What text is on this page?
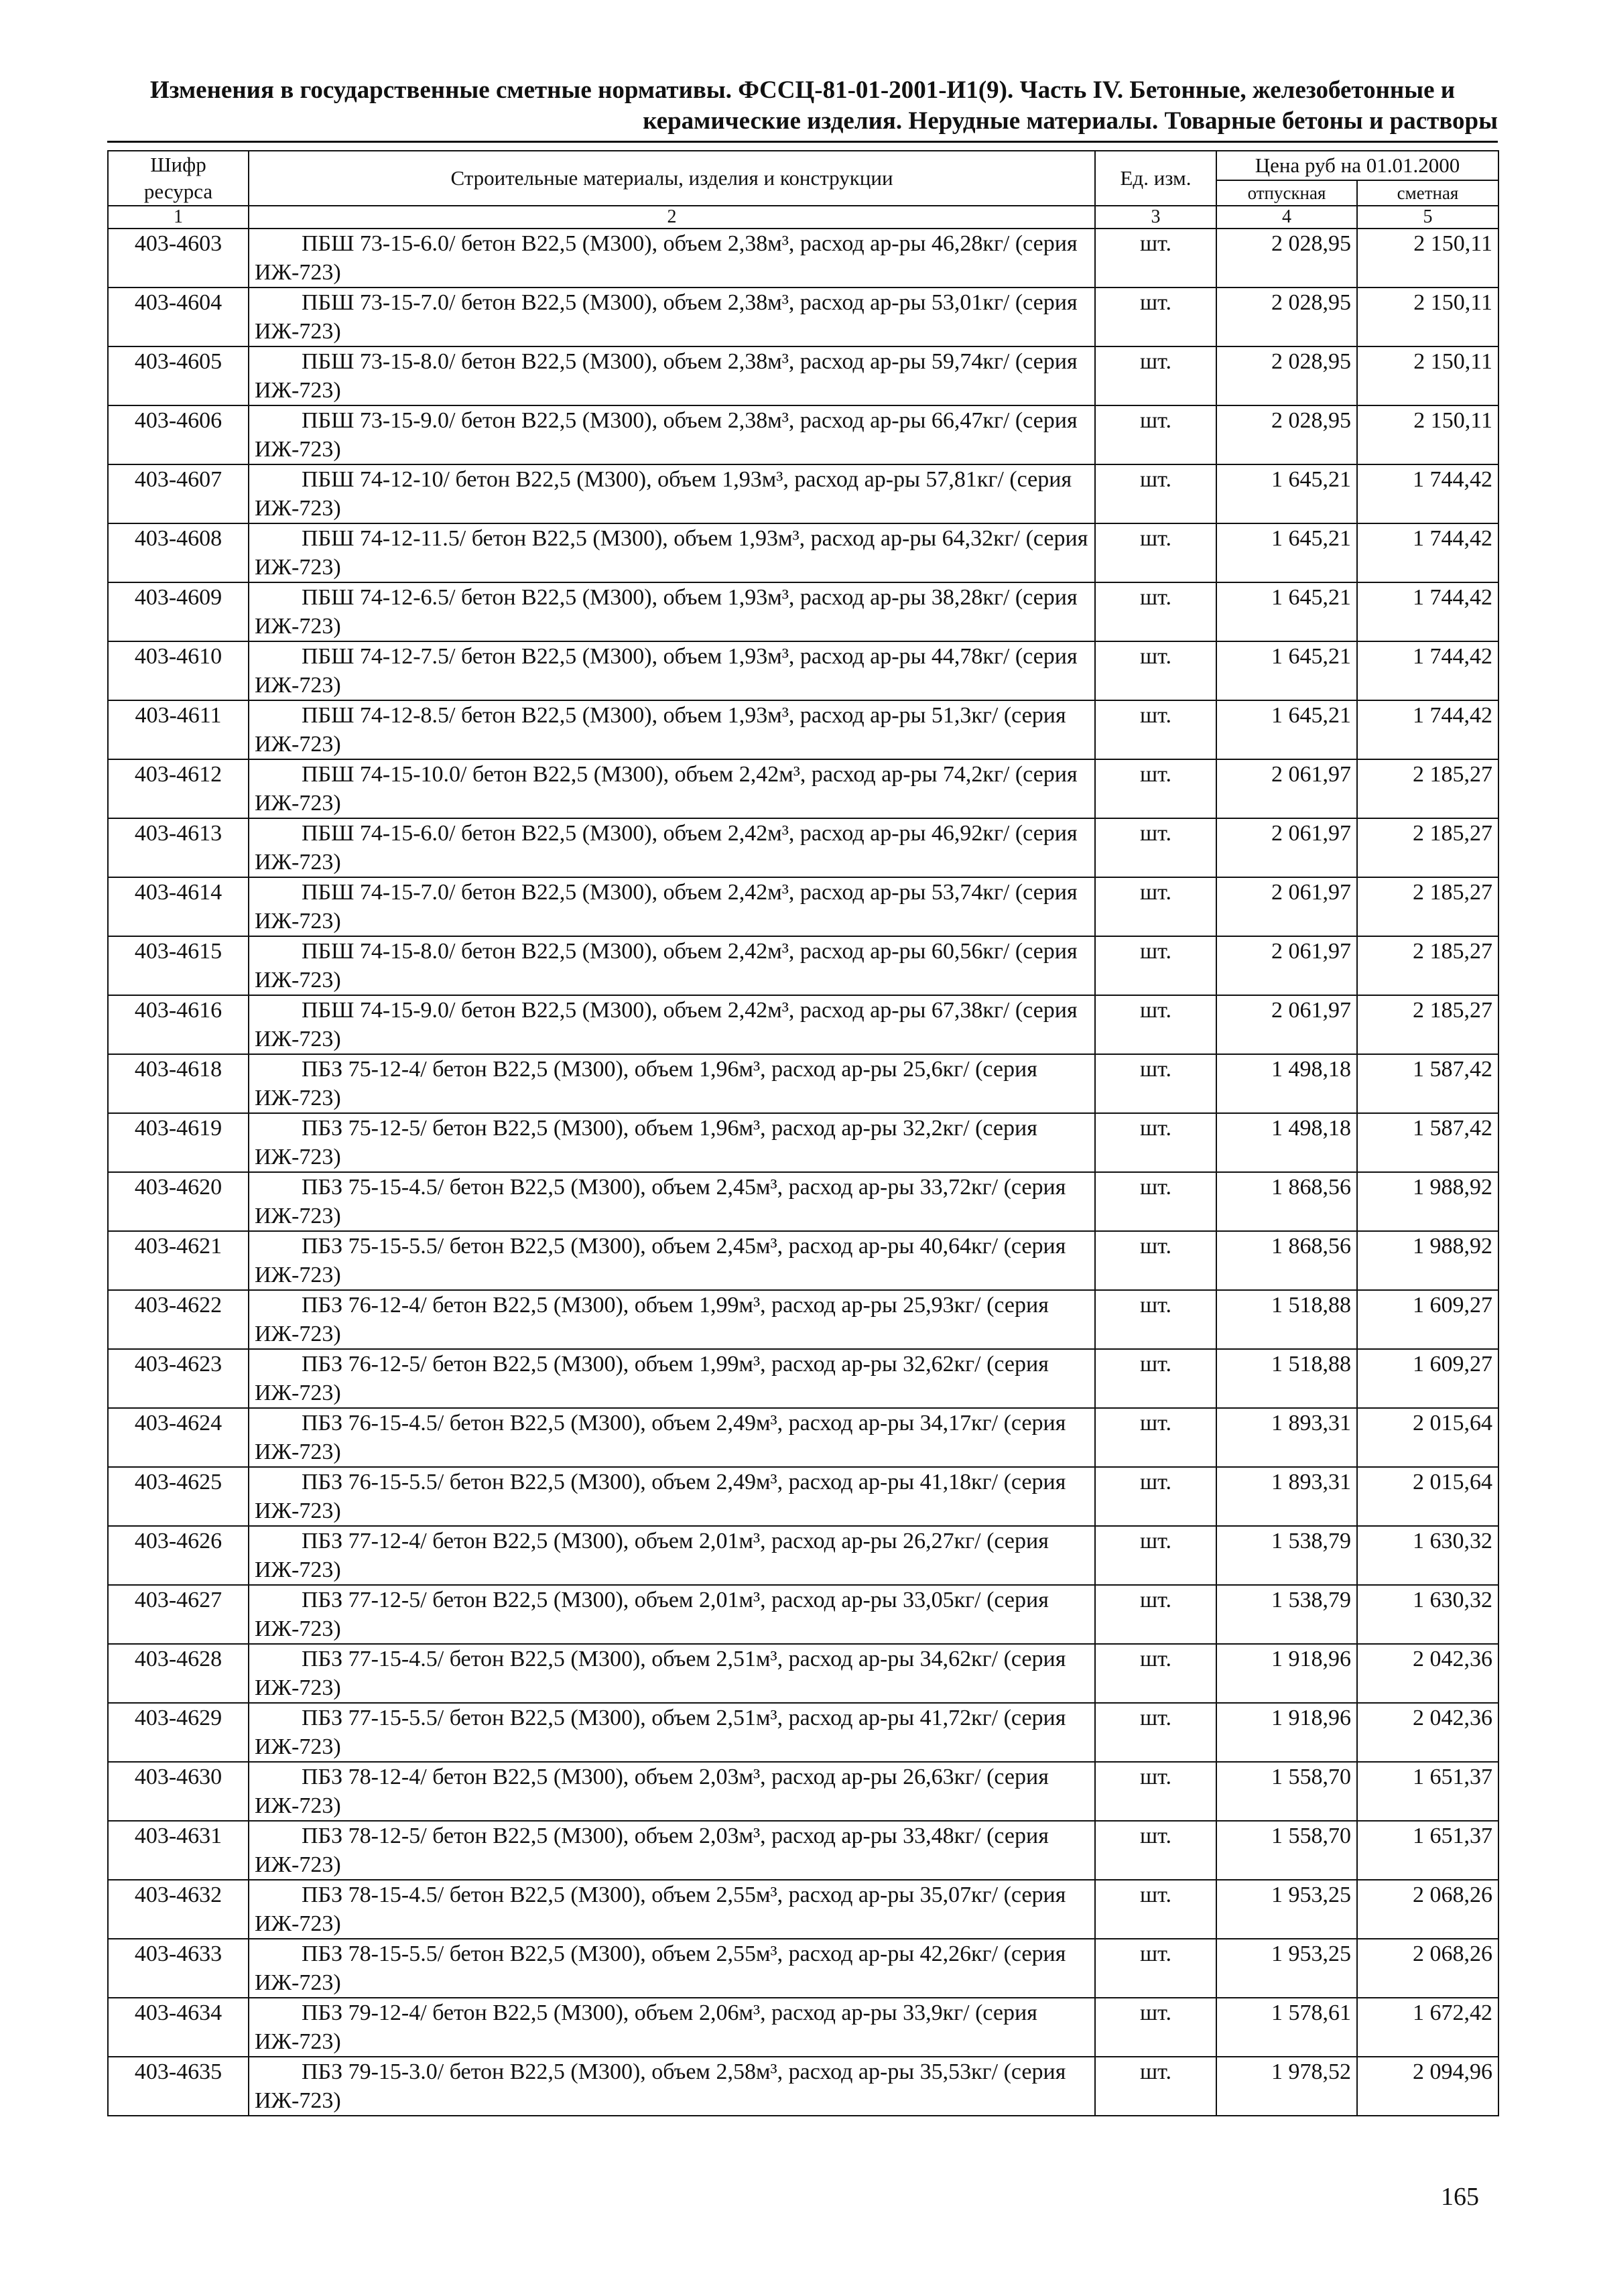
Изменения в государственные сметные нормативы. ФССЦ-81-01-2001-И1(9). Часть IV. Бетонные, железобетонные и
керамические изделия. Нерудные материалы. Товарные бетоны и растворы
Шифр ресурса	Строительные материалы, изделия и конструкции	Ед. изм.	Цена руб на 01.01.2000	
			отпускная	сметная
1	2	3	4	5
403-4603	ПБШ 73-15-6.0/ бетон В22,5 (М300), объем 2,38м³, расход ар-ры 46,28кг/ (серия ИЖ-723)	шт.	2 028,95	2 150,11
403-4604	ПБШ 73-15-7.0/ бетон В22,5 (М300), объем 2,38м³, расход ар-ры 53,01кг/ (серия ИЖ-723)	шт.	2 028,95	2 150,11
403-4605	ПБШ 73-15-8.0/ бетон В22,5 (М300), объем 2,38м³, расход ар-ры 59,74кг/ (серия ИЖ-723)	шт.	2 028,95	2 150,11
403-4606	ПБШ 73-15-9.0/ бетон В22,5 (М300), объем 2,38м³, расход ар-ры 66,47кг/ (серия ИЖ-723)	шт.	2 028,95	2 150,11
403-4607	ПБШ 74-12-10/ бетон В22,5 (М300), объем 1,93м³, расход ар-ры 57,81кг/ (серия ИЖ-723)	шт.	1 645,21	1 744,42
403-4608	ПБШ 74-12-11.5/ бетон В22,5 (М300), объем 1,93м³, расход ар-ры 64,32кг/ (серия ИЖ-723)	шт.	1 645,21	1 744,42
403-4609	ПБШ 74-12-6.5/ бетон В22,5 (М300), объем 1,93м³, расход ар-ры 38,28кг/ (серия ИЖ-723)	шт.	1 645,21	1 744,42
403-4610	ПБШ 74-12-7.5/ бетон В22,5 (М300), объем 1,93м³, расход ар-ры 44,78кг/ (серия ИЖ-723)	шт.	1 645,21	1 744,42
403-4611	ПБШ 74-12-8.5/ бетон В22,5 (М300), объем 1,93м³, расход ар-ры 51,3кг/ (серия ИЖ-723)	шт.	1 645,21	1 744,42
403-4612	ПБШ 74-15-10.0/ бетон В22,5 (М300), объем 2,42м³, расход ар-ры 74,2кг/ (серия ИЖ-723)	шт.	2 061,97	2 185,27
403-4613	ПБШ 74-15-6.0/ бетон В22,5 (М300), объем 2,42м³, расход ар-ры 46,92кг/ (серия ИЖ-723)	шт.	2 061,97	2 185,27
403-4614	ПБШ 74-15-7.0/ бетон В22,5 (М300), объем 2,42м³, расход ар-ры 53,74кг/ (серия ИЖ-723)	шт.	2 061,97	2 185,27
403-4615	ПБШ 74-15-8.0/ бетон В22,5 (М300), объем 2,42м³, расход ар-ры 60,56кг/ (серия ИЖ-723)	шт.	2 061,97	2 185,27
403-4616	ПБШ 74-15-9.0/ бетон В22,5 (М300), объем 2,42м³, расход ар-ры 67,38кг/ (серия ИЖ-723)	шт.	2 061,97	2 185,27
403-4618	ПБЗ 75-12-4/ бетон В22,5 (М300), объем 1,96м³, расход ар-ры 25,6кг/ (серия ИЖ-723)	шт.	1 498,18	1 587,42
403-4619	ПБЗ 75-12-5/ бетон В22,5 (М300), объем 1,96м³, расход ар-ры 32,2кг/ (серия ИЖ-723)	шт.	1 498,18	1 587,42
403-4620	ПБЗ 75-15-4.5/ бетон В22,5 (М300), объем 2,45м³, расход ар-ры 33,72кг/ (серия ИЖ-723)	шт.	1 868,56	1 988,92
403-4621	ПБЗ 75-15-5.5/ бетон В22,5 (М300), объем 2,45м³, расход ар-ры 40,64кг/ (серия ИЖ-723)	шт.	1 868,56	1 988,92
403-4622	ПБЗ 76-12-4/ бетон В22,5 (М300), объем 1,99м³, расход ар-ры 25,93кг/ (серия ИЖ-723)	шт.	1 518,88	1 609,27
403-4623	ПБЗ 76-12-5/ бетон В22,5 (М300), объем 1,99м³, расход ар-ры 32,62кг/ (серия ИЖ-723)	шт.	1 518,88	1 609,27
403-4624	ПБЗ 76-15-4.5/ бетон В22,5 (М300), объем 2,49м³, расход ар-ры 34,17кг/ (серия ИЖ-723)	шт.	1 893,31	2 015,64
403-4625	ПБЗ 76-15-5.5/ бетон В22,5 (М300), объем 2,49м³, расход ар-ры 41,18кг/ (серия ИЖ-723)	шт.	1 893,31	2 015,64
403-4626	ПБЗ 77-12-4/ бетон В22,5 (М300), объем 2,01м³, расход ар-ры 26,27кг/ (серия ИЖ-723)	шт.	1 538,79	1 630,32
403-4627	ПБЗ 77-12-5/ бетон В22,5 (М300), объем 2,01м³, расход ар-ры 33,05кг/ (серия ИЖ-723)	шт.	1 538,79	1 630,32
403-4628	ПБЗ 77-15-4.5/ бетон В22,5 (М300), объем 2,51м³, расход ар-ры 34,62кг/ (серия ИЖ-723)	шт.	1 918,96	2 042,36
403-4629	ПБЗ 77-15-5.5/ бетон В22,5 (М300), объем 2,51м³, расход ар-ры 41,72кг/ (серия ИЖ-723)	шт.	1 918,96	2 042,36
403-4630	ПБЗ 78-12-4/ бетон В22,5 (М300), объем 2,03м³, расход ар-ры 26,63кг/ (серия ИЖ-723)	шт.	1 558,70	1 651,37
403-4631	ПБЗ 78-12-5/ бетон В22,5 (М300), объем 2,03м³, расход ар-ры 33,48кг/ (серия ИЖ-723)	шт.	1 558,70	1 651,37
403-4632	ПБЗ 78-15-4.5/ бетон В22,5 (М300), объем 2,55м³, расход ар-ры 35,07кг/ (серия ИЖ-723)	шт.	1 953,25	2 068,26
403-4633	ПБЗ 78-15-5.5/ бетон В22,5 (М300), объем 2,55м³, расход ар-ры 42,26кг/ (серия ИЖ-723)	шт.	1 953,25	2 068,26
403-4634	ПБЗ 79-12-4/ бетон В22,5 (М300), объем 2,06м³, расход ар-ры 33,9кг/ (серия ИЖ-723)	шт.	1 578,61	1 672,42
403-4635	ПБЗ 79-15-3.0/ бетон В22,5 (М300), объем 2,58м³, расход ар-ры 35,53кг/ (серия ИЖ-723)	шт.	1 978,52	2 094,96
165
